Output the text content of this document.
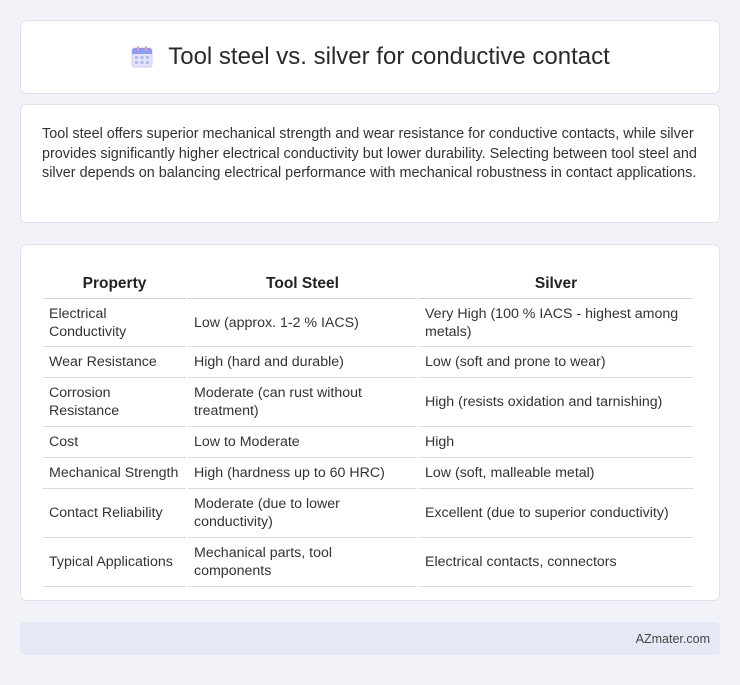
Tool steel vs. silver for conductive contact

Tool steel offers superior mechanical strength and wear resistance for conductive contacts, while silver provides significantly higher electrical conductivity but lower durability. Selecting between tool steel and silver depends on balancing electrical performance with mechanical robustness in contact applications.

Property	Tool Steel	Silver
Electrical Conductivity	Low (approx. 1-2 % IACS)	Very High (100 % IACS - highest among metals)
Wear Resistance	High (hard and durable)	Low (soft and prone to wear)
Corrosion Resistance	Moderate (can rust without treatment)	High (resists oxidation and tarnishing)
Cost	Low to Moderate	High
Mechanical Strength	High (hardness up to 60 HRC)	Low (soft, malleable metal)
Contact Reliability	Moderate (due to lower conductivity)	Excellent (due to superior conductivity)
Typical Applications	Mechanical parts, tool components	Electrical contacts, connectors
AZmater.com
